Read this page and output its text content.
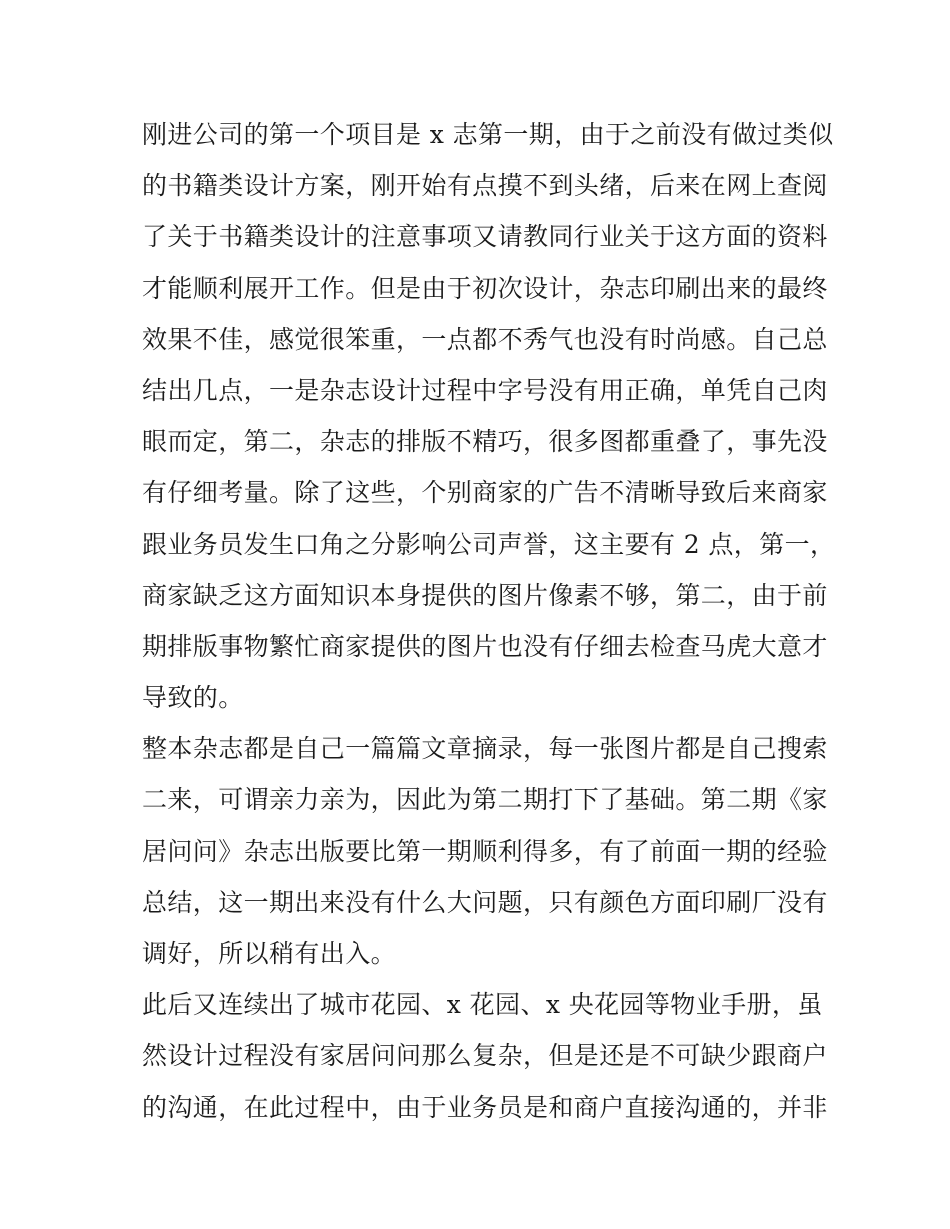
刚进公司的第一个项目是 x 志第一期，由于之前没有做过类似
的书籍类设计方案，刚开始有点摸不到头绪，后来在网上查阅
了关于书籍类设计的注意事项又请教同行业关于这方面的资料
才能顺利展开工作。但是由于初次设计，杂志印刷出来的最终
效果不佳，感觉很笨重，一点都不秀气也没有时尚感。自己总
结出几点，一是杂志设计过程中字号没有用正确，单凭自己肉
眼而定，第二，杂志的排版不精巧，很多图都重叠了，事先没
有仔细考量。除了这些，个别商家的广告不清晰导致后来商家
跟业务员发生口角之分影响公司声誉，这主要有 2 点，第一，
商家缺乏这方面知识本身提供的图片像素不够，第二，由于前
期排版事物繁忙商家提供的图片也没有仔细去检查马虎大意才
导致的。
整本杂志都是自己一篇篇文章摘录，每一张图片都是自己搜索
二来，可谓亲力亲为，因此为第二期打下了基础。第二期《家
居问问》杂志出版要比第一期顺利得多，有了前面一期的经验
总结，这一期出来没有什么大问题，只有颜色方面印刷厂没有
调好，所以稍有出入。
此后又连续出了城市花园、x 花园、x 央花园等物业手册，虽
然设计过程没有家居问问那么复杂，但是还是不可缺少跟商户
的沟通，在此过程中，由于业务员是和商户直接沟通的，并非
